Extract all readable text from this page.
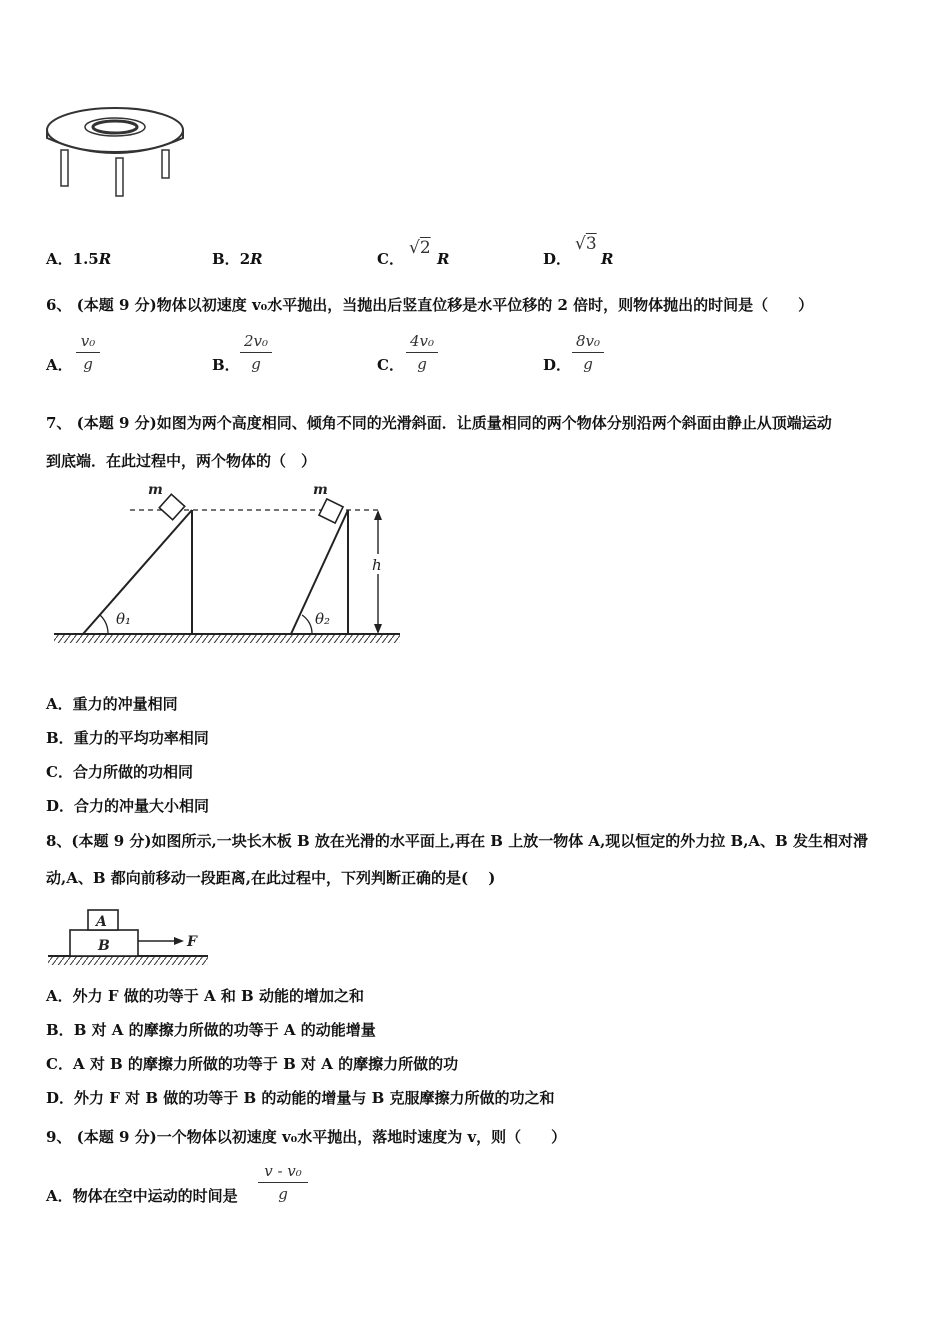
A．1.5R	B．2R	C．
√2
R	D．
√3
R
6、 (本题 9 分)物体以初速度 v₀水平抛出，当抛出后竖直位移是水平位移的 2 倍时，则物体抛出的时间是（　　）
A．
v₀
g	B．
2v₀
g	C．
4v₀
g	D．
8v₀
g
7、 (本题 9 分)如图为两个高度相同、倾角不同的光滑斜面．让质量相同的两个物体分别沿两个斜面由静止从顶端运动
到底端．在此过程中，两个物体的（　）
θ₁
m
θ₂
m
h
A．重力的冲量相同
B．重力的平均功率相同
C．合力所做的功相同
D．合力的冲量大小相同
8、(本题 9 分)如图所示,一块长木板 B 放在光滑的水平面上,再在 B 上放一物体 A,现以恒定的外力拉 B,A、B 发生相对滑
动,A、B 都向前移动一段距离,在此过程中，下列判断正确的是(　 )
A
B	F
A．外力 F 做的功等于 A 和 B 动能的增加之和
B．B 对 A 的摩擦力所做的功等于 A 的动能增量
C．A 对 B 的摩擦力所做的功等于 B 对 A 的摩擦力所做的功
D．外力 F 对 B 做的功等于 B 的动能的增量与 B 克服摩擦力所做的功之和
9、 (本题 9 分)一个物体以初速度 v₀水平抛出，落地时速度为 v，则（　　）
A．物体在空中运动的时间是
v - v₀
g
